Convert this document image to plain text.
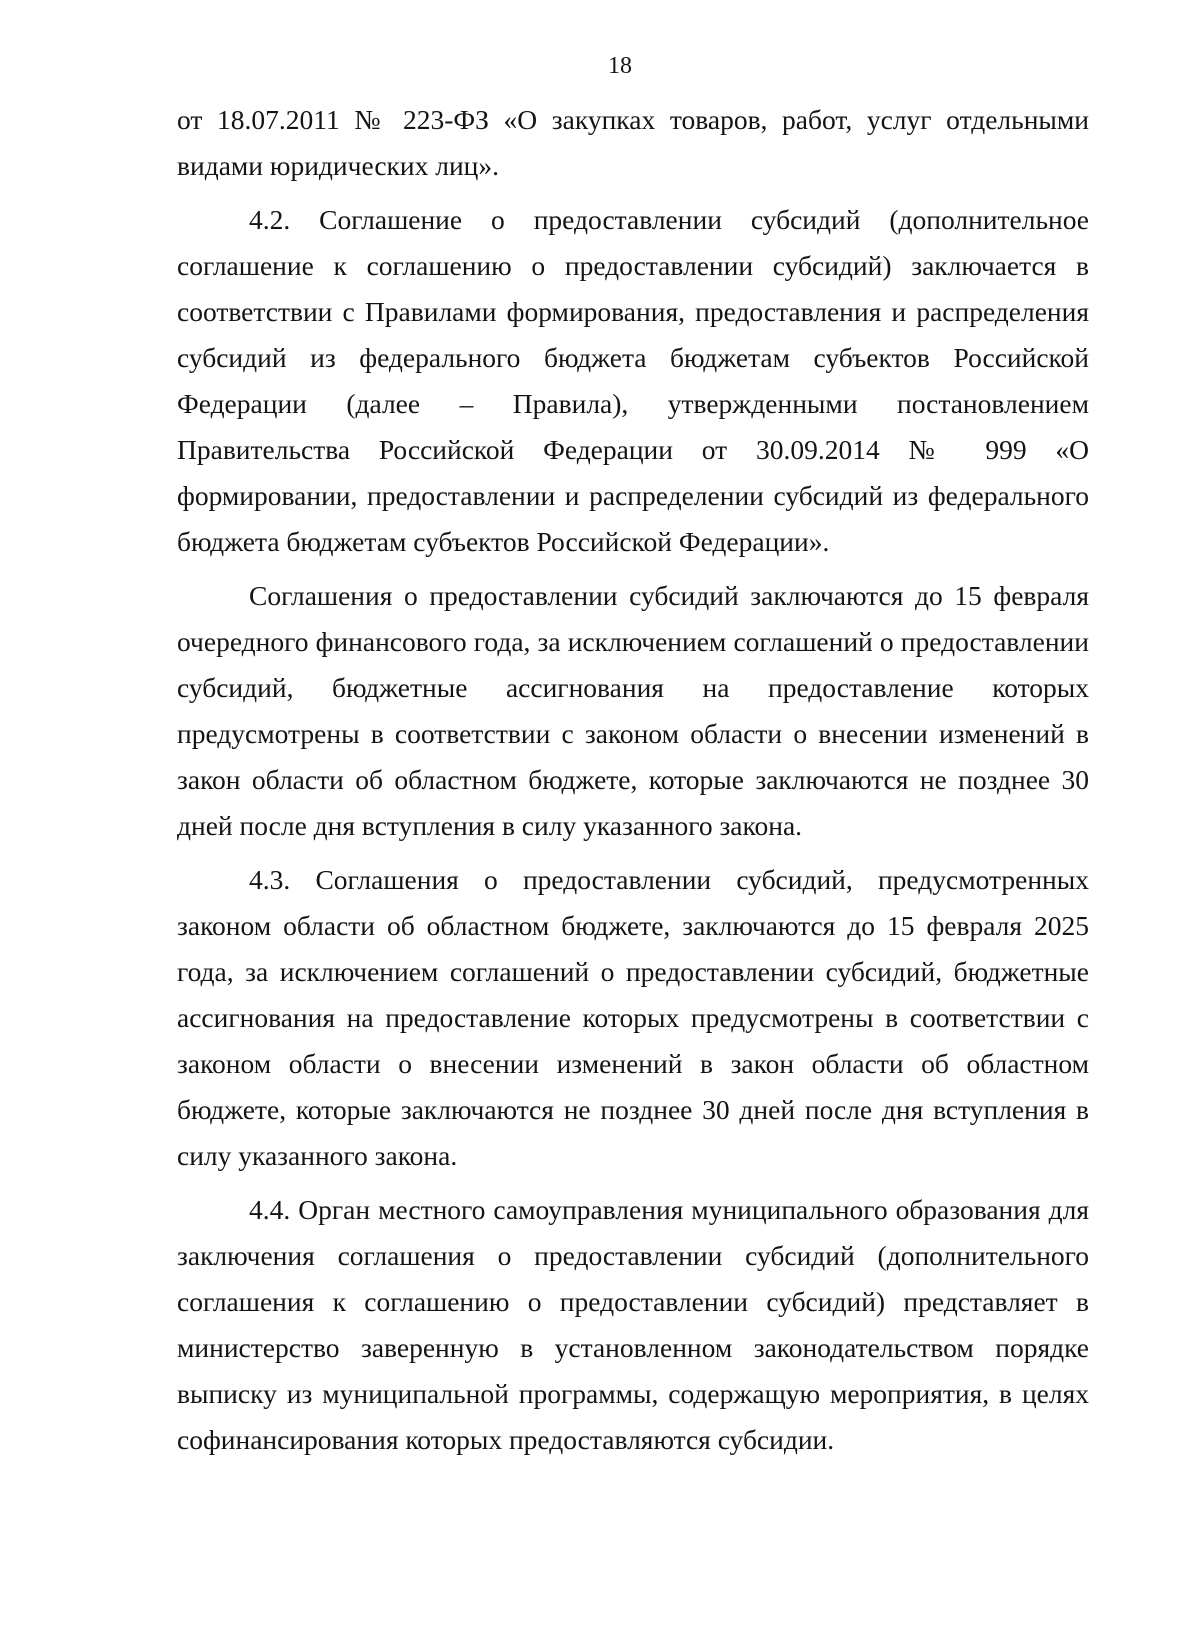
18

от 18.07.2011 № 223-ФЗ «О закупках товаров, работ, услуг отдельными видами юридических лиц».

4.2. Соглашение о предоставлении субсидий (дополнительное соглашение к соглашению о предоставлении субсидий) заключается в соответствии с Правилами формирования, предоставления и распределения субсидий из федерального бюджета бюджетам субъектов Российской Федерации (далее – Правила), утвержденными постановлением Правительства Российской Федерации от 30.09.2014 № 999 «О формировании, предоставлении и распределении субсидий из федерального бюджета бюджетам субъектов Российской Федерации».

Соглашения о предоставлении субсидий заключаются до 15 февраля очередного финансового года, за исключением соглашений о предоставлении субсидий, бюджетные ассигнования на предоставление которых предусмотрены в соответствии с законом области о внесении изменений в закон области об областном бюджете, которые заключаются не позднее 30 дней после дня вступления в силу указанного закона.

4.3. Соглашения о предоставлении субсидий, предусмотренных законом области об областном бюджете, заключаются до 15 февраля 2025 года, за исключением соглашений о предоставлении субсидий, бюджетные ассигнования на предоставление которых предусмотрены в соответствии с законом области о внесении изменений в закон области об областном бюджете, которые заключаются не позднее 30 дней после дня вступления в силу указанного закона.

4.4. Орган местного самоуправления муниципального образования для заключения соглашения о предоставлении субсидий (дополнительного соглашения к соглашению о предоставлении субсидий) представляет в министерство заверенную в установленном законодательством порядке выписку из муниципальной программы, содержащую мероприятия, в целях софинансирования которых предоставляются субсидии.
